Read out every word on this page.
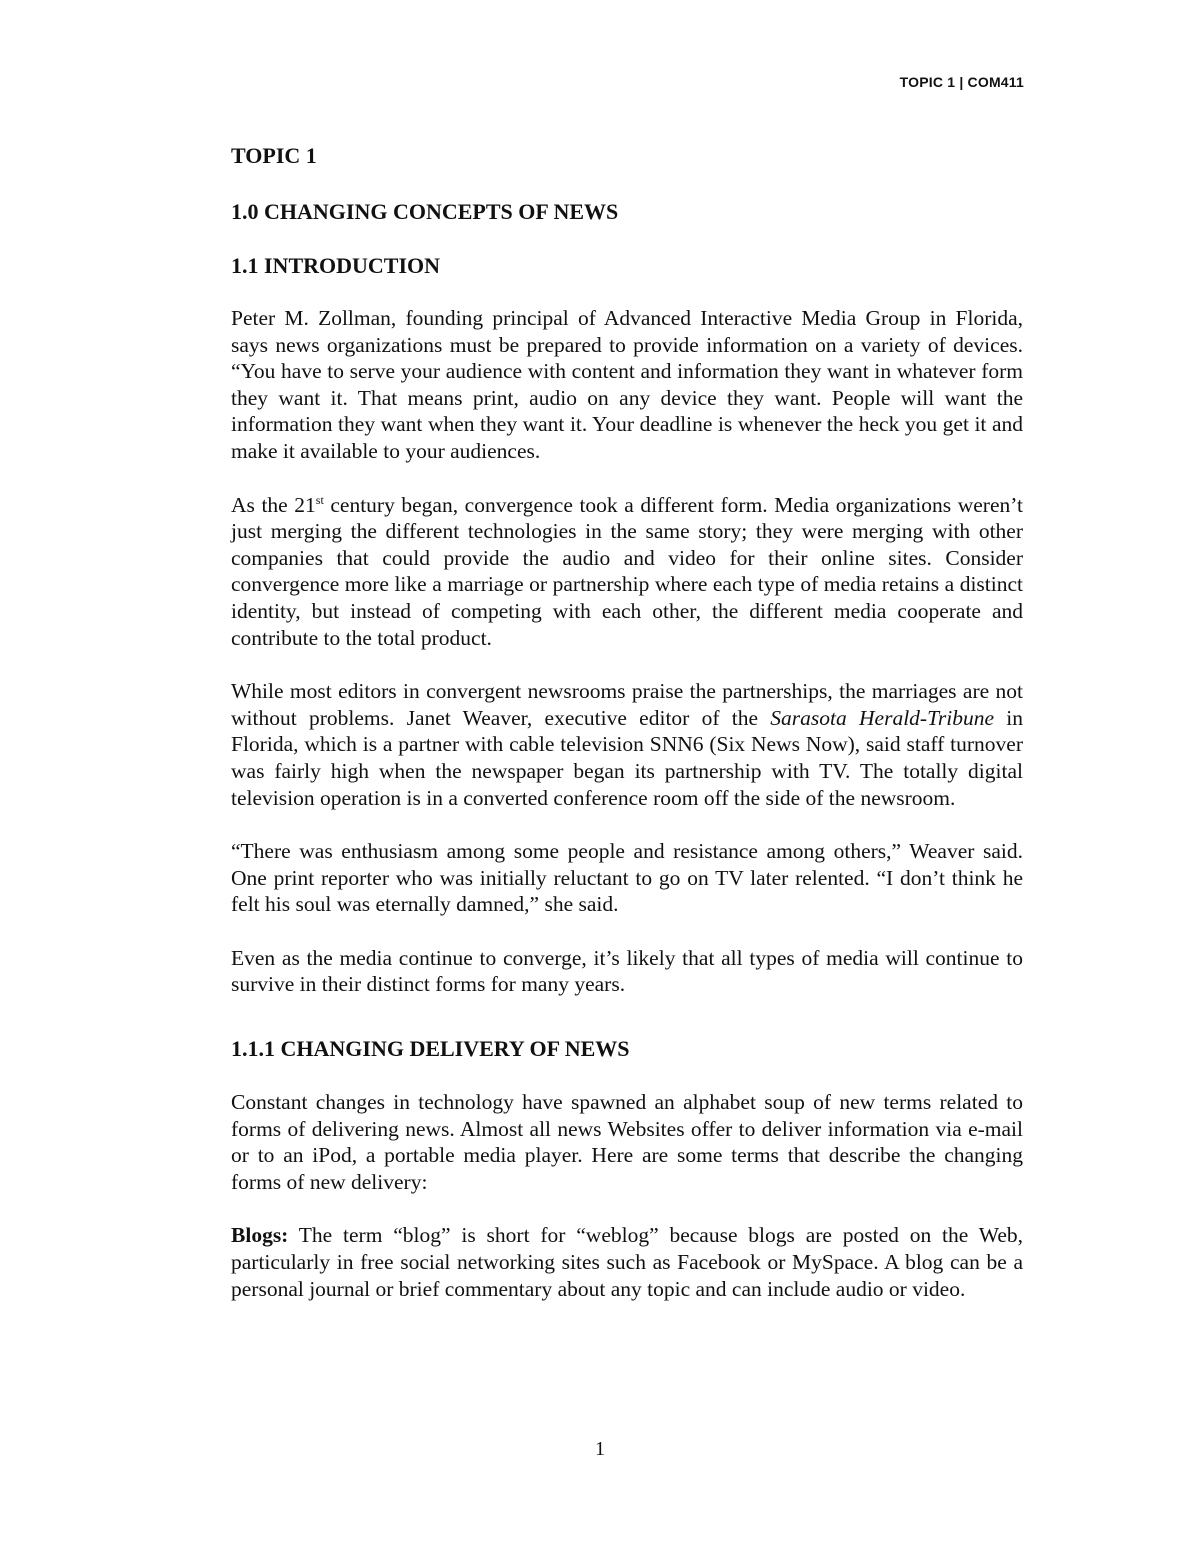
TOPIC 1 | COM411
TOPIC 1
1.0 CHANGING CONCEPTS OF NEWS
1.1 INTRODUCTION

Peter M. Zollman, founding principal of Advanced Interactive Media Group in Florida, says news organizations must be prepared to provide information on a variety of devices. “You have to serve your audience with content and information they want in whatever form they want it. That means print, audio on any device they want. People will want the information they want when they want it. Your deadline is whenever the heck you get it and make it available to your audiences.

As the 21st century began, convergence took a different form. Media organizations weren’t just merging the different technologies in the same story; they were merging with other companies that could provide the audio and video for their online sites. Consider convergence more like a marriage or partnership where each type of media retains a distinct identity, but instead of competing with each other, the different media cooperate and contribute to the total product.

While most editors in convergent newsrooms praise the partnerships, the marriages are not without problems. Janet Weaver, executive editor of the Sarasota Herald-Tribune in Florida, which is a partner with cable television SNN6 (Six News Now), said staff turnover was fairly high when the newspaper began its partnership with TV. The totally digital television operation is in a converted conference room off the side of the newsroom.

“There was enthusiasm among some people and resistance among others,” Weaver said. One print reporter who was initially reluctant to go on TV later relented. “I don’t think he felt his soul was eternally damned,” she said.

Even as the media continue to converge, it’s likely that all types of media will continue to survive in their distinct forms for many years.

1.1.1 CHANGING DELIVERY OF NEWS

Constant changes in technology have spawned an alphabet soup of new terms related to forms of delivering news. Almost all news Websites offer to deliver information via e-mail or to an iPod, a portable media player. Here are some terms that describe the changing forms of new delivery:

Blogs: The term “blog” is short for “weblog” because blogs are posted on the Web, particularly in free social networking sites such as Facebook or MySpace. A blog can be a personal journal or brief commentary about any topic and can include audio or video.

1
